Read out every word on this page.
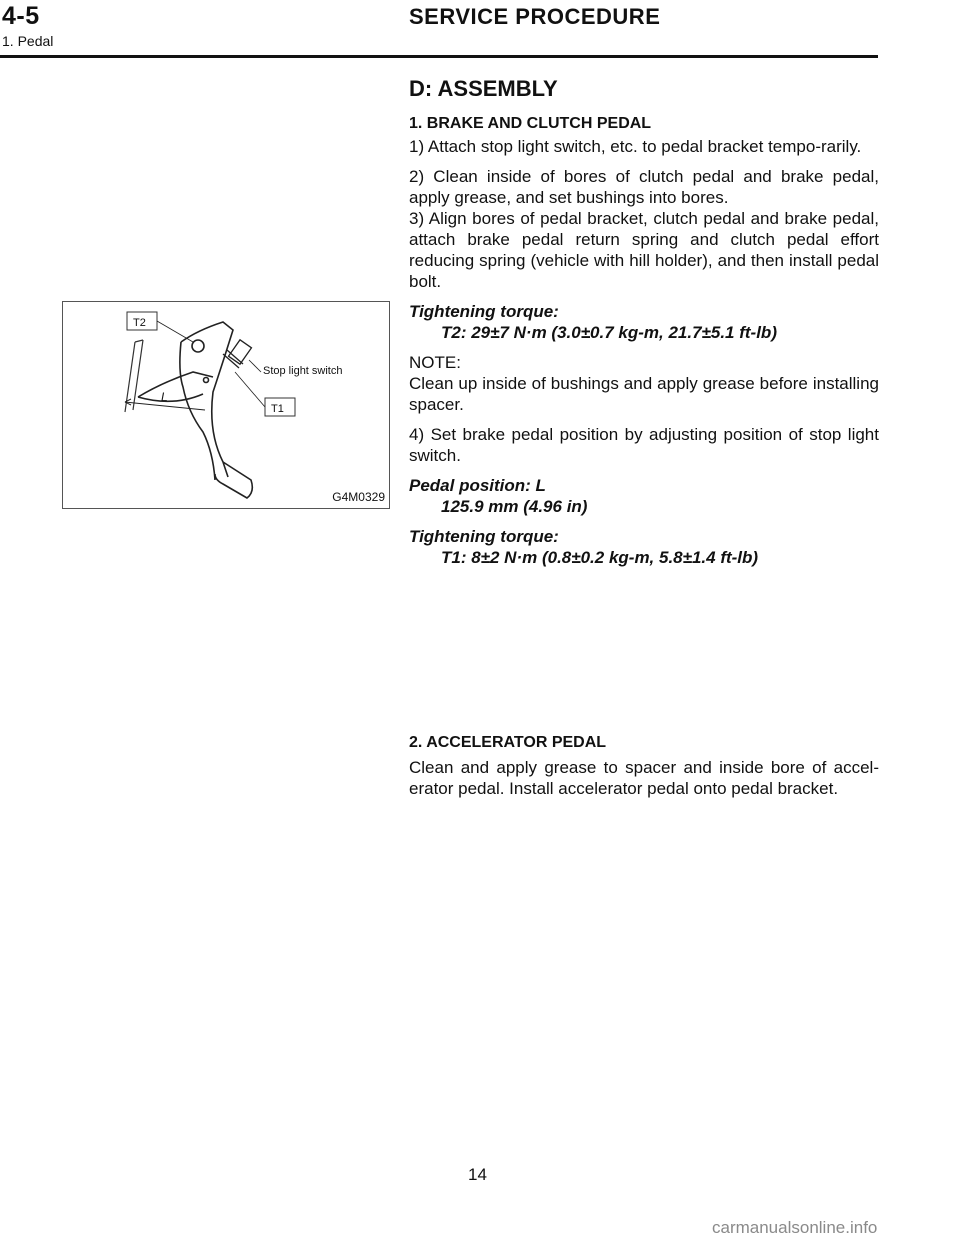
4-5	SERVICE PROCEDURE
1. Pedal
D: ASSEMBLY
1. BRAKE AND CLUTCH PEDAL

1) Attach stop light switch, etc. to pedal bracket tempo-rarily.

2) Clean inside of bores of clutch pedal and brake pedal, apply grease, and set bushings into bores.

3) Align bores of pedal bracket, clutch pedal and brake pedal, attach brake pedal return spring and clutch pedal effort reducing spring (vehicle with hill holder), and then install pedal bolt.

Tightening torque:

T2: 29±7 N·m (3.0±0.7 kg-m, 21.7±5.1 ft-lb)

NOTE:

Clean up inside of bushings and apply grease before installing spacer.

4) Set brake pedal position by adjusting position of stop light switch.

Pedal position: L

125.9 mm (4.96 in)

Tightening torque:

T1: 8±2 N·m (0.8±0.2 kg-m, 5.8±1.4 ft-lb)

2. ACCELERATOR PEDAL

Clean and apply grease to spacer and inside bore of accel-erator pedal. Install accelerator pedal onto pedal bracket.

T2
T1
Stop light switch
L
G4M0329
14
carmanualsonline.info
